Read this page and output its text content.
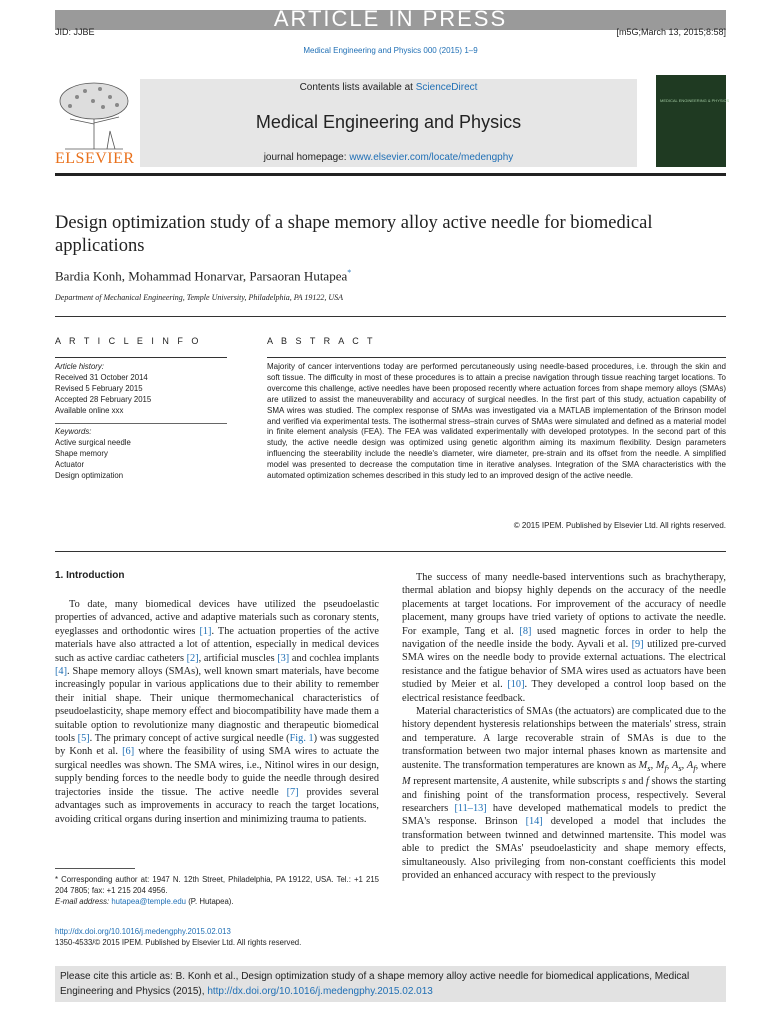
ARTICLE IN PRESS
JID: JJBE	[m5G;March 13, 2015;8:58]
Medical Engineering and Physics 000 (2015) 1–9
ELSEVIER
Contents lists available at ScienceDirect
Medical Engineering and Physics
journal homepage: www.elsevier.com/locate/medengphy
MEDICAL ENGINEERING & PHYSICS
Design optimization study of a shape memory alloy active needle for biomedical applications
Bardia Konh, Mohammad Honarvar, Parsaoran Hutapea*
Department of Mechanical Engineering, Temple University, Philadelphia, PA 19122, USA
A R T I C L E I N F O
Article history:
Received 31 October 2014
Revised 5 February 2015
Accepted 28 February 2015
Available online xxx
Keywords:
Active surgical needle
Shape memory
Actuator
Design optimization
A B S T R A C T
Majority of cancer interventions today are performed percutaneously using needle-based procedures, i.e. through the skin and soft tissue. The difficulty in most of these procedures is to attain a precise navigation through tissue reaching target locations. To overcome this challenge, active needles have been proposed recently where actuation forces from shape memory alloys (SMAs) are utilized to assist the maneuverability and accuracy of surgical needles. In the first part of this study, actuation capability of SMA wires was studied. The complex response of SMAs was investigated via a MATLAB implementation of the Brinson model and verified via experimental tests. The isothermal stress–strain curves of SMAs were simulated and defined as a material model in finite element analysis (FEA). The FEA was validated experimentally with developed prototypes. In the second part of this study, the active needle design was optimized using genetic algorithm aiming its maximum flexibility. Design parameters influencing the steerability include the needle's diameter, wire diameter, pre-strain and its offset from the needle. A simplified model was presented to decrease the computation time in iterative analyses. Integration of the SMA characteristics with the automated optimization schemes described in this study led to an improved design of the active needle.
© 2015 IPEM. Published by Elsevier Ltd. All rights reserved.
1. Introduction

To date, many biomedical devices have utilized the pseudoelastic properties of advanced, active and adaptive materials such as coronary stents, eyeglasses and orthodontic wires [1]. The actuation properties of the active materials have also attracted a lot of attention, especially in medical devices such as active cardiac catheters [2], artificial muscles [3] and cochlea implants [4]. Shape memory alloys (SMAs), well known smart materials, have become increasingly popular in various applications due to their ability to remember their initial shape. Their unique thermomechanical characteristics of pseudoelasticity, shape memory effect and biocompatibility have made them a suitable option to revolutionize many diagnostic and therapeutic biomedical tools [5]. The primary concept of active surgical needle (Fig. 1) was suggested by Konh et al. [6] where the feasibility of using SMA wires to actuate the surgical needles was shown. The SMA wires, i.e., Nitinol wires in our design, supply bending forces to the needle body to guide the needle through desired trajectories inside the tissue. The active needle [7] provides several advantages such as improvements in accuracy to reach the target locations, avoiding critical organs during insertion and minimizing trauma to patients.

The success of many needle-based interventions such as brachytherapy, thermal ablation and biopsy highly depends on the accuracy of the needle placements at target locations. For improvement of the accuracy of needle placement, many groups have tried variety of options to activate the needle. For example, Tang et al. [8] used magnetic forces in order to help the navigation of the needle inside the body. Ayvali et al. [9] utilized pre-curved SMA wires on the needle body to provide external actuations. The electrical resistance and the fatigue behavior of SMA wires used as actuators have been studied by Meier et al. [10]. They developed a control loop based on the electrical resistance feedback.

Material characteristics of SMAs (the actuators) are complicated due to the history dependent hysteresis relationships between the materials' stress, strain and temperature. A large recoverable strain of SMAs is due to the transformation between two major internal phases known as martensite and austenite. The transformation temperatures are known as $M_s$, $M_f$, $A_s$, $A_f$, where M represent martensite, A austenite, while subscripts s and f shows the starting and finishing point of the transformation process, respectively. Several researchers [11–13] have developed mathematical models to predict the SMA's response. Brinson [14] developed a model that includes the transformation between twinned and detwinned martensite. This model was able to predict the SMAs' pseudoelasticity and shape memory effects, simultaneously. Also privileging from non-constant coefficients this model provided an enhanced accuracy with respect to the previously

* Corresponding author at: 1947 N. 12th Street, Philadelphia, PA 19122, USA. Tel.: +1 215 204 7805; fax: +1 215 204 4956.
E-mail address: hutapea@temple.edu (P. Hutapea).
http://dx.doi.org/10.1016/j.medengphy.2015.02.013
1350-4533/© 2015 IPEM. Published by Elsevier Ltd. All rights reserved.
Please cite this article as: B. Konh et al., Design optimization study of a shape memory alloy active needle for biomedical applications, Medical Engineering and Physics (2015), http://dx.doi.org/10.1016/j.medengphy.2015.02.013
